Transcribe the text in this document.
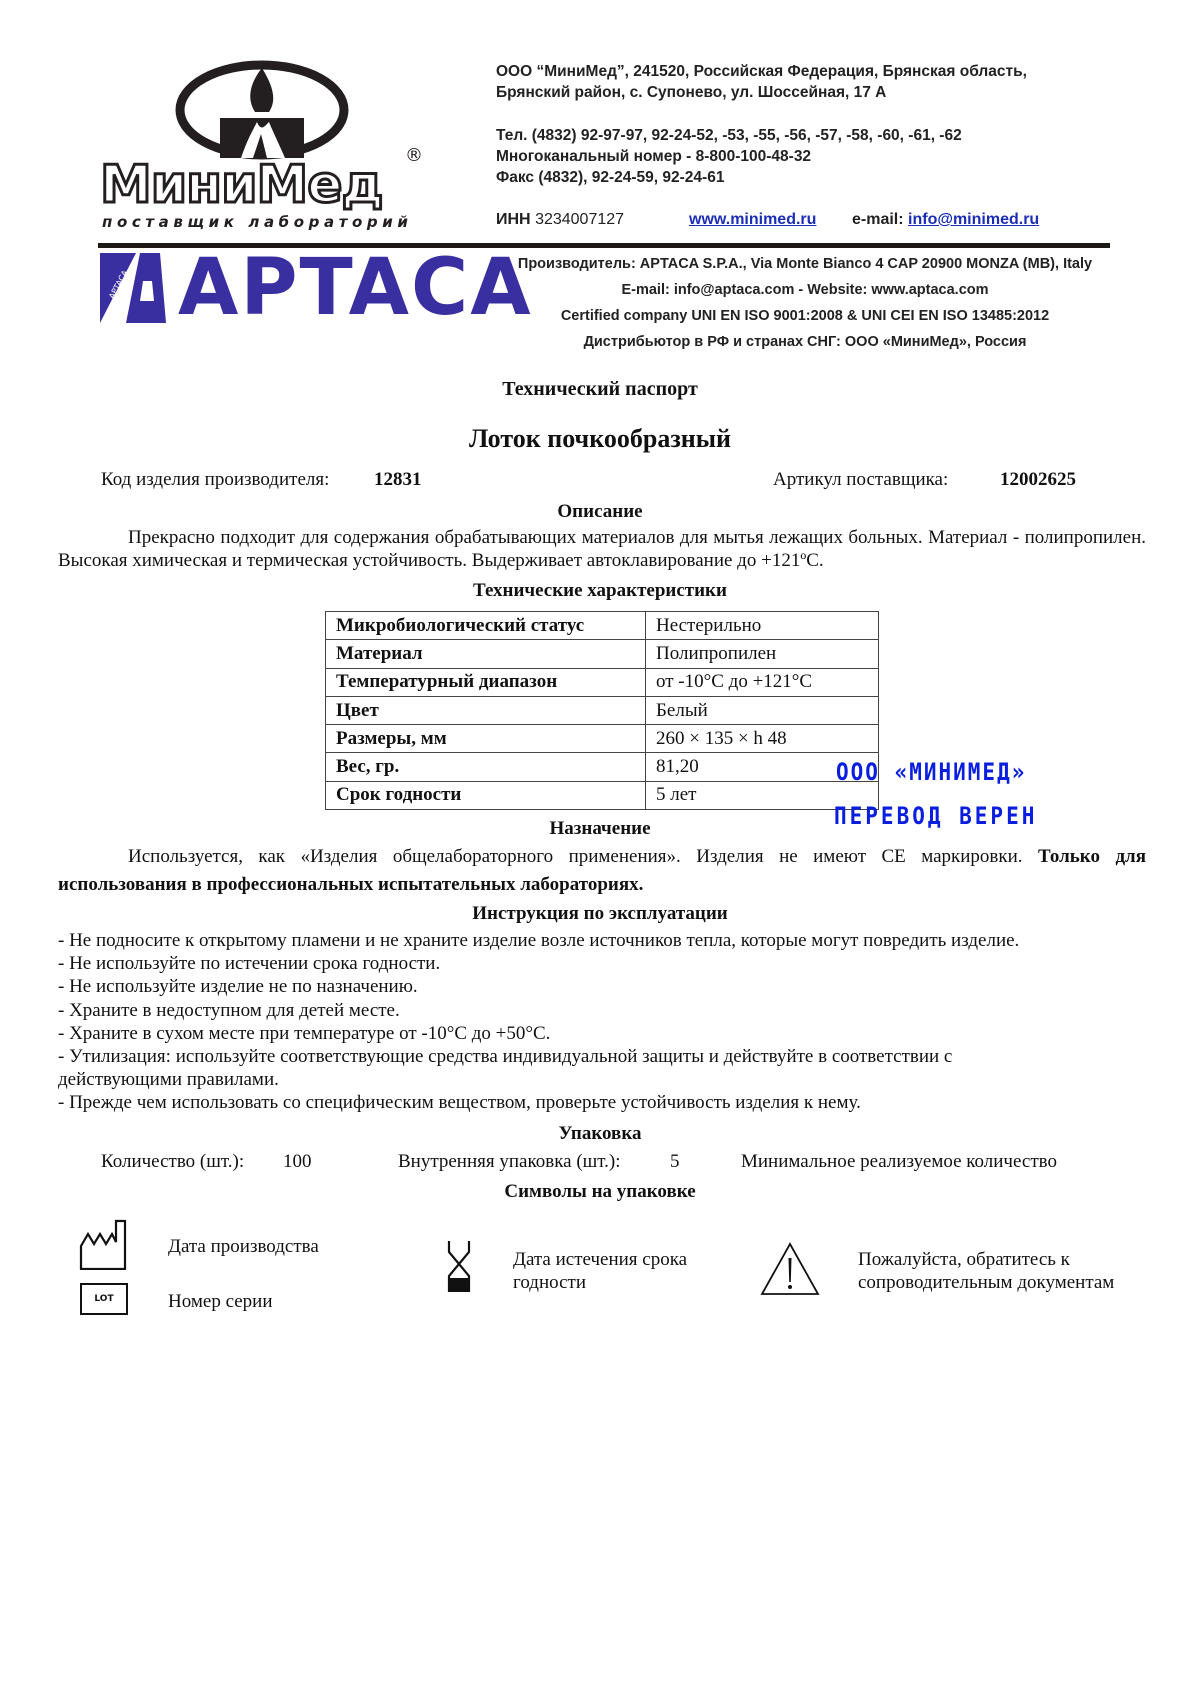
МиниМед	®
поставщик лабораторий
ООО “МиниМед”, 241520, Российская Федерация, Брянская область,
Брянский район, с. Супонево, ул. Шоссейная, 17 А
Тел. (4832) 92-97-97, 92-24-52, -53, -55, -56, -57, -58, -60, -61, -62
Многоканальный номер - 8-800-100-48-32
Факс (4832), 92-24-59, 92-24-61
ИНН 3234007127	www.minimed.ru e-mail: info@minimed.ru
APTACA APTACA
Производитель: APTACA S.P.A., Via Monte Bianco 4 CAP 20900 MONZA (MB), Italy
E-mail: info@aptaca.com - Website: www.aptaca.com
Certified company UNI EN ISO 9001:2008 & UNI CEI EN ISO 13485:2012
Дистрибьютор в РФ и странах СНГ: ООО «МиниМед», Россия
Технический паспорт
Лоток почкообразный
Код изделия производителя: 12831	Артикул поставщика:	12002625
Описание
Прекрасно подходит для содержания обрабатывающих материалов для мытья лежащих больных. Материал - полипропилен. Высокая химическая и термическая устойчивость. Выдерживает автоклавирование до +121ºС.
Технические характеристики
Микробиологический статус	Нестерильно
Материал	Полипропилен
Температурный диапазон	от -10°С до +121°С
Цвет	Белый
Размеры, мм	260 × 135 × h 48
Вес, гр.	81,20
Срок годности	5 лет
ООО «МИНИМЕД»
ПЕРЕВОД ВЕРЕН
Назначение
Используется, как «Изделия общелабораторного применения». Изделия не имеют СЕ маркировки. Только для использования в профессиональных испытательных лабораториях.
Инструкция по эксплуатации
- Не подносите к открытому пламени и не храните изделие возле источников тепла, которые могут повредить изделие.
- Не используйте по истечении срока годности.
- Не используйте изделие не по назначению.
- Храните в недоступном для детей месте.
- Храните в сухом месте при температуре от -10°С до +50°С.
- Утилизация: используйте соответствующие средства индивидуальной защиты и действуйте в соответствии с
действующими правилами.
- Прежде чем использовать со специфическим веществом, проверьте устойчивость изделия к нему.
Упаковка
Количество (шт.): 100	Внутренняя упаковка (шт.):	5	Минимальное реализуемое количество
Символы на упаковке
Дата производства
LOT	Номер серии
Дата истечения срока
годности
Пожалуйста, обратитесь к
сопроводительным документам
